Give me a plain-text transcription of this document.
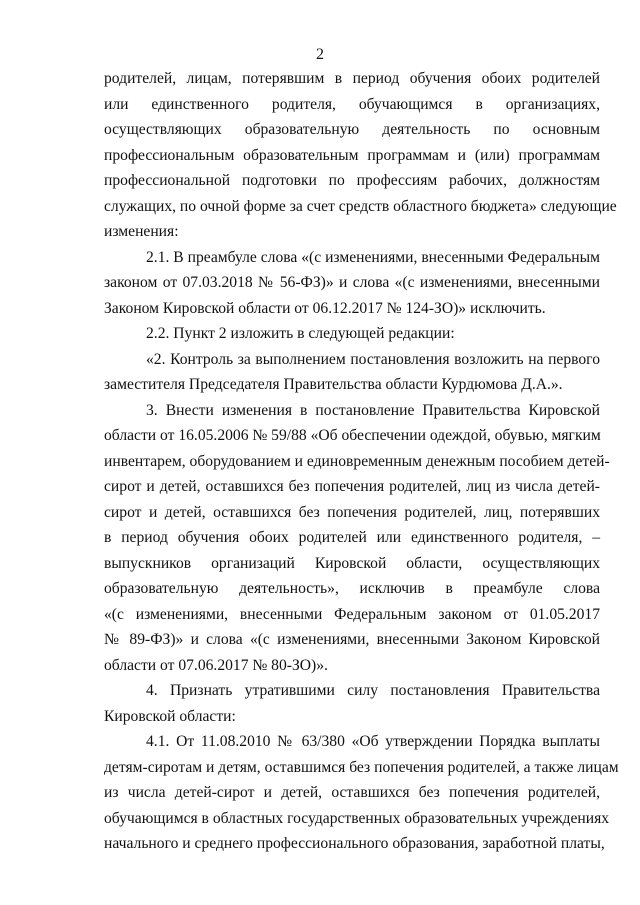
2
родителей, лицам, потерявшим в период обучения обоих родителей
или единственного родителя, обучающимся в организациях,
осуществляющих образовательную деятельность по основным
профессиональным образовательным программам и (или) программам
профессиональной подготовки по профессиям рабочих, должностям
служащих, по очной форме за счет средств областного бюджета» следующие
изменения:
2.1. В преамбуле слова «(с изменениями, внесенными Федеральным
законом от 07.03.2018 № 56-ФЗ)» и слова «(с изменениями, внесенными
Законом Кировской области от 06.12.2017 № 124-ЗО)» исключить.
2.2. Пункт 2 изложить в следующей редакции:
«2. Контроль за выполнением постановления возложить на первого
заместителя Председателя Правительства области Курдюмова Д.А.».
3. Внести изменения в постановление Правительства Кировской
области от 16.05.2006 № 59/88 «Об обеспечении одеждой, обувью, мягким
инвентарем, оборудованием и единовременным денежным пособием детей-
сирот и детей, оставшихся без попечения родителей, лиц из числа детей-
сирот и детей, оставшихся без попечения родителей, лиц, потерявших
в период обучения обоих родителей или единственного родителя, –
выпускников организаций Кировской области, осуществляющих
образовательную деятельность», исключив в преамбуле слова
«(с изменениями, внесенными Федеральным законом от 01.05.2017
№ 89-ФЗ)» и слова «(с изменениями, внесенными Законом Кировской
области от 07.06.2017 № 80-ЗО)».
4. Признать утратившими силу постановления Правительства
Кировской области:
4.1. От 11.08.2010 № 63/380 «Об утверждении Порядка выплаты
детям-сиротам и детям, оставшимся без попечения родителей, а также лицам
из числа детей-сирот и детей, оставшихся без попечения родителей,
обучающимся в областных государственных образовательных учреждениях
начального и среднего профессионального образования, заработной платы,
